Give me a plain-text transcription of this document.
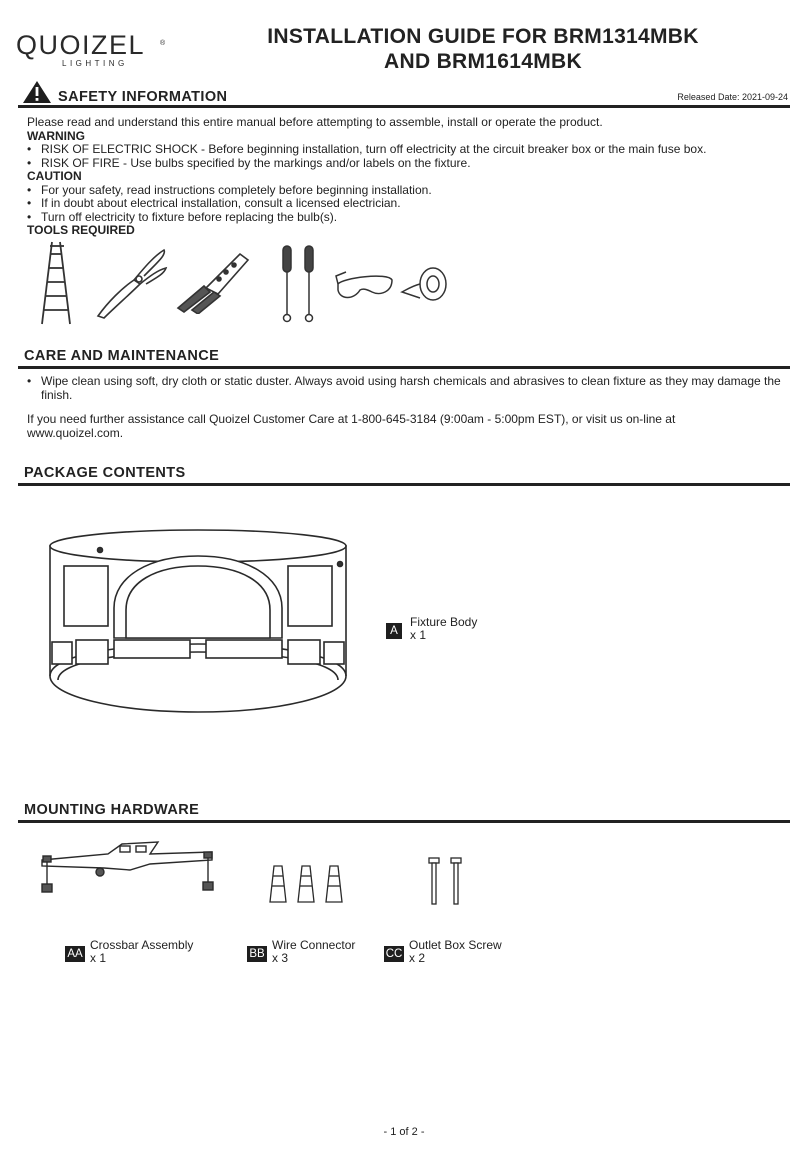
QUOIZEL ®
LIGHTING
INSTALLATION GUIDE FOR BRM1314MBK
AND BRM1614MBK
SAFETY INFORMATION	Released Date: 2021-09-24
Please read and understand this entire manual before attempting to assemble, install or operate the product.
WARNING
• RISK OF ELECTRIC SHOCK - Before beginning installation, turn off electricity at the circuit breaker box or the main fuse box.
• RISK OF FIRE - Use bulbs specified by the markings and/or labels on the fixture.
CAUTION
• For your safety, read instructions completely before beginning installation.
• If in doubt about electrical installation, consult a licensed electrician.
• Turn off electricity to fixture before replacing the bulb(s).
TOOLS REQUIRED
CARE AND MAINTENANCE
• Wipe clean using soft, dry cloth or static duster. Always avoid using harsh chemicals and abrasives to clean fixture as they may damage the finish.
If you need further assistance call Quoizel Customer Care at 1-800-645-3184 (9:00am - 5:00pm EST), or visit us on-line at
www.quoizel.com.
PACKAGE CONTENTS
A
Fixture Body
x 1
MOUNTING HARDWARE
AA
Crossbar Assembly
x 1	BB
Wire Connector
x 3	CC
Outlet Box Screw
x 2
- 1 of 2 -
